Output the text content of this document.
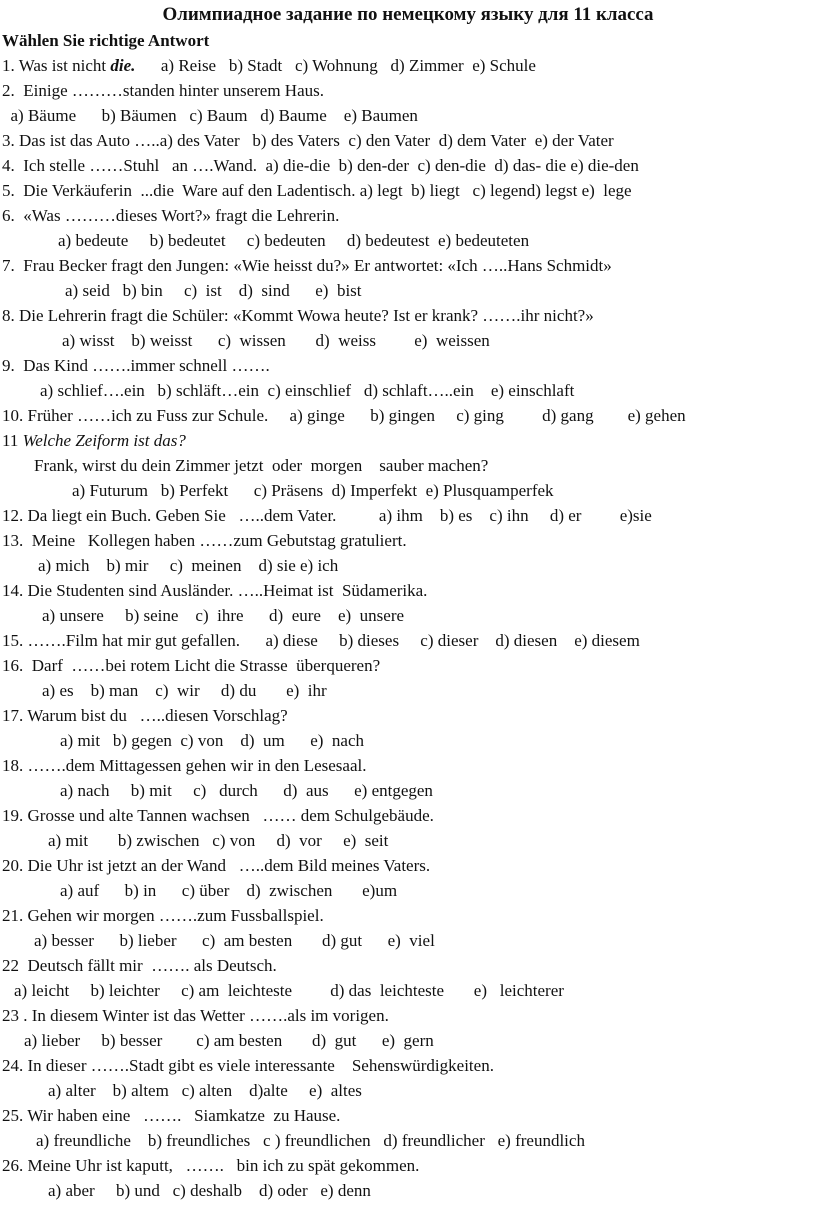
Олимпиадное задание по немецкому языку для 11 класса
Wählen Sie richtige Antwort
1. Was ist nicht die.      a) Reise   b) Stadt   c) Wohnung   d) Zimmer  e) Schule
2.  Einige ………standen hinter unserem Haus.
a) Bäume      b) Bäumen   c) Baum   d) Baume    e) Baumen
3. Das ist das Auto …..a) des Vater   b) des Vaters  c) den Vater  d) dem Vater  e) der Vater
4.  Ich stelle ……Stuhl   an ….Wand.  a) die-die  b) den-der  c) den-die  d) das- die e) die-den
5.  Die Verkäuferin  ...die  Ware auf den Ladentisch. a) legt  b) liegt   c) legend) legst e)  lege
6.  «Was ………dieses Wort?» fragt die Lehrerin.
a) bedeute     b) bedeutet     c) bedeuten     d) bedeutest  e) bedeuteten
7.  Frau Becker fragt den Jungen: «Wie heisst du?» Er antwortet: «Ich …..Hans Schmidt»
a) seid   b) bin     c)  ist    d)  sind      e)  bist
8. Die Lehrerin fragt die Schüler: «Kommt Wowa heute? Ist er krank? …….ihr nicht?»
a) wisst    b) weisst      c)  wissen       d)  weiss         e)  weissen
9.  Das Kind …….immer schnell …….
a) schlief….ein   b) schläft…ein  c) einschlief   d) schlaft…..ein    e) einschlaft
10. Früher ……ich zu Fuss zur Schule.     a) ginge      b) gingen     c) ging         d) gang        e) gehen
11 Welche Zeiform ist das?
Frank, wirst du dein Zimmer jetzt  oder  morgen    sauber machen?
a) Futurum   b) Perfekt      c) Präsens  d) Imperfekt  e) Plusquamperfek
12. Da liegt ein Buch. Geben Sie   …..dem Vater.          a) ihm    b) es    c) ihn     d) er         e)sie
13.  Meine   Kollegen haben ……zum Gebutstag gratuliert.
a) mich    b) mir     c)  meinen    d) sie e) ich
14. Die Studenten sind Ausländer. …..Heimat ist  Südamerika.
a) unsere     b) seine    c)  ihre      d)  eure    e)  unsere
15. …….Film hat mir gut gefallen.      a) diese     b) dieses     c) dieser    d) diesen    e) diesem
16.  Darf  ……bei rotem Licht die Strasse  überqueren?
a) es    b) man    c)  wir     d) du       e)  ihr
17. Warum bist du   …..diesen Vorschlag?
a) mit   b) gegen  c) von    d)  um      e)  nach
18. …….dem Mittagessen gehen wir in den Lesesaal.
a) nach     b) mit     c)   durch      d)  aus      e) entgegen
19. Grosse und alte Tannen wachsen   …… dem Schulgebäude.
a) mit       b) zwischen   c) von     d)  vor     e)  seit
20. Die Uhr ist jetzt an der Wand   …..dem Bild meines Vaters.
a) auf      b) in      c) über    d)  zwischen       e)um
21. Gehen wir morgen …….zum Fussballspiel.
a) besser      b) lieber      c)  am besten       d) gut      e)  viel
22  Deutsch fällt mir  ……. als Deutsch.
a) leicht     b) leichter     c) am  leichteste         d) das  leichteste       e)   leichterer
23 . In diesem Winter ist das Wetter …….als im vorigen.
a) lieber     b) besser        c) am besten       d)  gut      e)  gern
24. In dieser …….Stadt gibt es viele interessante    Sehenswürdigkeiten.
a) alter    b) altem   c) alten    d)alte     e)  altes
25. Wir haben eine   …….   Siamkatze  zu Hause.
a) freundliche    b) freundliches   c ) freundlichen   d) freundlicher   e) freundlich
26. Meine Uhr ist kaputt,   …….   bin ich zu spät gekommen.
a) aber     b) und   c) deshalb    d) oder   e) denn
